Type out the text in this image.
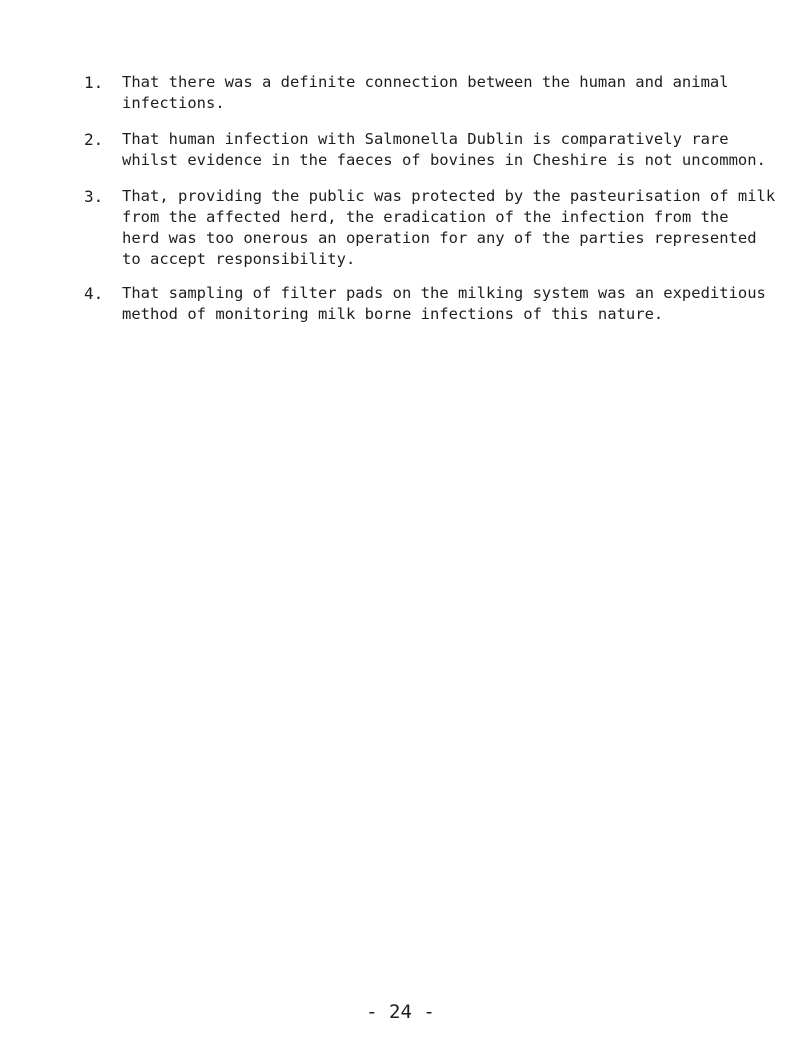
1.	That there was a definite connection between the human and animal
infections.
2.	That human infection with Salmonella Dublin is comparatively rare
whilst evidence in the faeces of bovines in Cheshire is not uncommon.
3.	That, providing the public was protected by the pasteurisation of milk
from the affected herd, the eradication of the infection from the
herd was too onerous an operation for any of the parties represented
to accept responsibility.
4.	That sampling of filter pads on the milking system was an expeditious
method of monitoring milk borne infections of this nature.
- 24 -
